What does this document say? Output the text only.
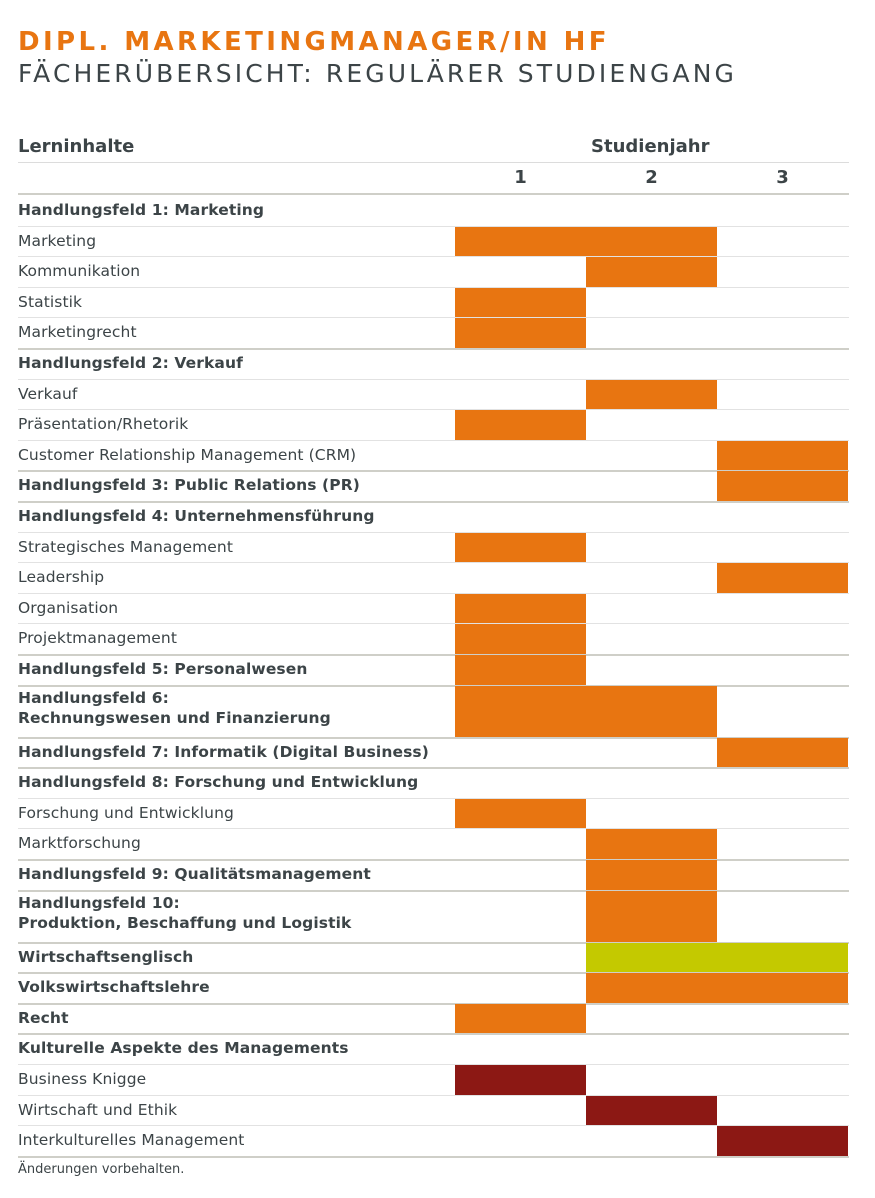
DIPL. MARKETINGMANAGER/IN HF
FÄCHERÜBERSICHT: REGULÄRER STUDIENGANG
Lerninhalte	Studienjahr
1	2	3
Handlungsfeld 1: Marketing
Marketing
Kommunikation
Statistik
Marketingrecht
Handlungsfeld 2: Verkauf
Verkauf
Präsentation/Rhetorik
Customer Relationship Management (CRM)
Handlungsfeld 3: Public Relations (PR)
Handlungsfeld 4: Unternehmensführung
Strategisches Management
Leadership
Organisation
Projektmanagement
Handlungsfeld 5: Personalwesen
Handlungsfeld 6:
Rechnungswesen und Finanzierung
Handlungsfeld 7: Informatik (Digital Business)
Handlungsfeld 8: Forschung und Entwicklung
Forschung und Entwicklung
Marktforschung
Handlungsfeld 9: Qualitätsmanagement
Handlungsfeld 10:
Produktion, Beschaffung und Logistik
Wirtschaftsenglisch
Volkswirtschaftslehre
Recht
Kulturelle Aspekte des Managements
Business Knigge
Wirtschaft und Ethik
Interkulturelles Management
Änderungen vorbehalten.
